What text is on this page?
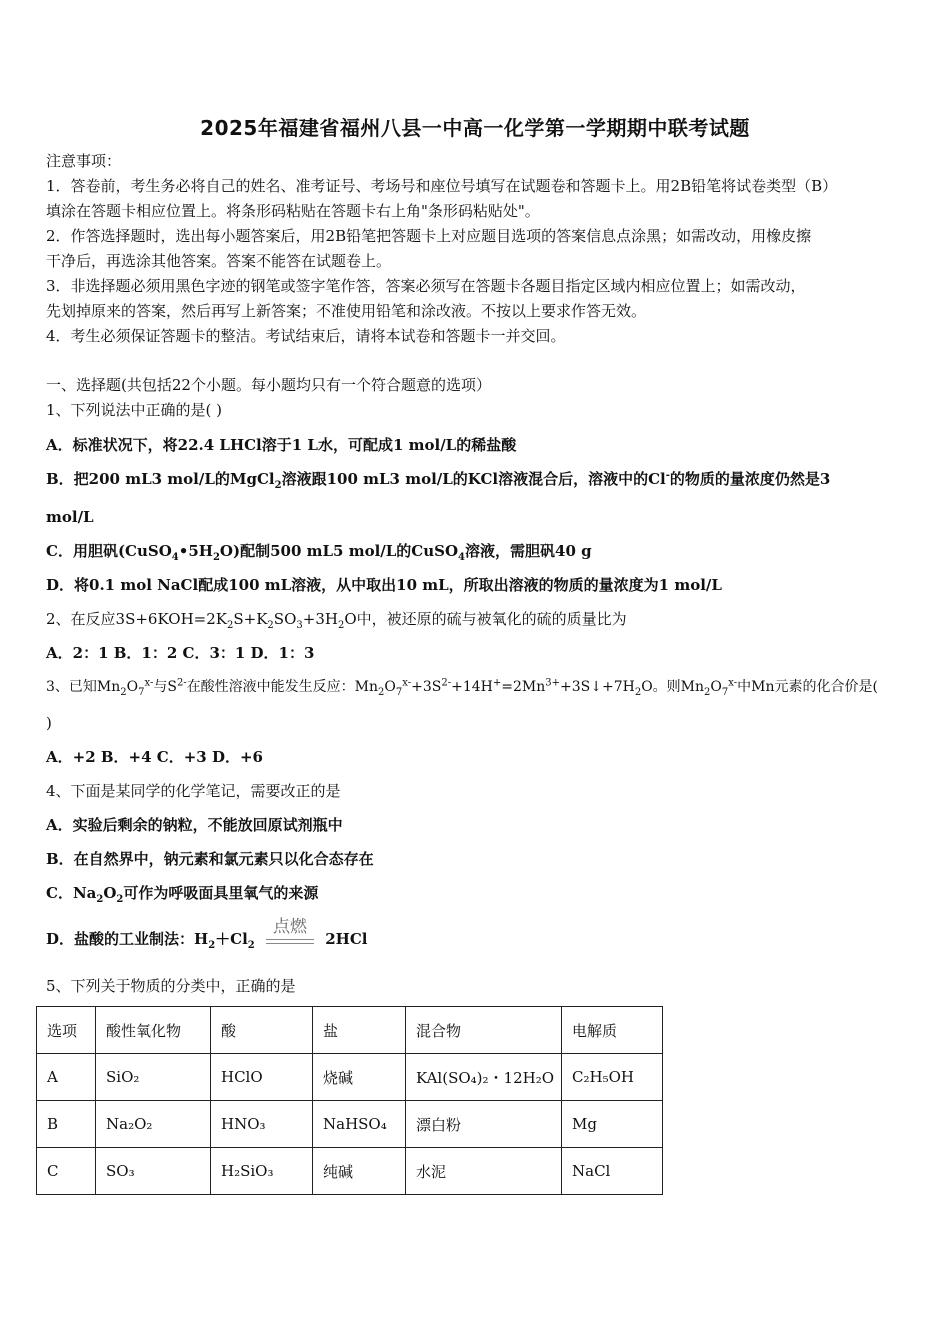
2025年福建省福州八县一中高一化学第一学期期中联考试题
注意事项：
1．答卷前，考生务必将自己的姓名、准考证号、考场号和座位号填写在试题卷和答题卡上。用2B铅笔将试卷类型（B）
填涂在答题卡相应位置上。将条形码粘贴在答题卡右上角"条形码粘贴处"。
2．作答选择题时，选出每小题答案后，用2B铅笔把答题卡上对应题目选项的答案信息点涂黑；如需改动，用橡皮擦
干净后，再选涂其他答案。答案不能答在试题卷上。
3．非选择题必须用黑色字迹的钢笔或签字笔作答，答案必须写在答题卡各题目指定区域内相应位置上；如需改动，
先划掉原来的答案，然后再写上新答案；不准使用铅笔和涂改液。不按以上要求作答无效。
4．考生必须保证答题卡的整洁。考试结束后，请将本试卷和答题卡一并交回。
一、选择题(共包括22个小题。每小题均只有一个符合题意的选项）
1、下列说法中正确的是( )
A．标准状况下，将22.4 LHCl溶于1 L水，可配成1 mol/L的稀盐酸
B．把200 mL3 mol/L的MgCl$_2$溶液跟100 mL3 mol/L的KCl溶液混合后，溶液中的Cl-的物质的量浓度仍然是3
mol/L
C．用胆矾$(CuSO_4•5H_2O)$配制500 mL5 mol/L的CuSO$_4$溶液，需胆矾40 g
D．将0.1 mol NaCl配成100 mL溶液，从中取出10 mL，所取出溶液的物质的量浓度为1 mol/L
2、在反应$3S+6KOH=2K_2S+K_2SO_3+3H_2O$中，被还原的硫与被氧化的硫的质量比为
A．2：1 B．1：2 C．3：1 D．1：3
3、已知$Mn_2O_7^{x-}$与$S^{2-}$在酸性溶液中能发生反应：$Mn_2O_7^{x-}+3S^{2-}+14H^+=2Mn^{3+}+3S↓+7H_2O$。则$Mn_2O_7^{x-}$中Mn元素的化合价是(
)
A．+2 B．+4 C．+3 D．+6
4、下面是某同学的化学笔记，需要改正的是
A．实验后剩余的钠粒，不能放回原试剂瓶中
B．在自然界中，钠元素和氯元素只以化合态存在
C．$Na_2O_2$可作为呼吸面具里氧气的来源
D．盐酸的工业制法：$H_2+Cl_2$
点燃
2HCl
5、下列关于物质的分类中，正确的是
选项	酸性氧化物	酸	盐	混合物	电解质
A	SiO₂	HClO	烧碱	KAl(SO₄)₂・12H₂O	C₂H₅OH
B	Na₂O₂	HNO₃	NaHSO₄	漂白粉	Mg
C	SO₃	H₂SiO₃	纯碱	水泥	NaCl
